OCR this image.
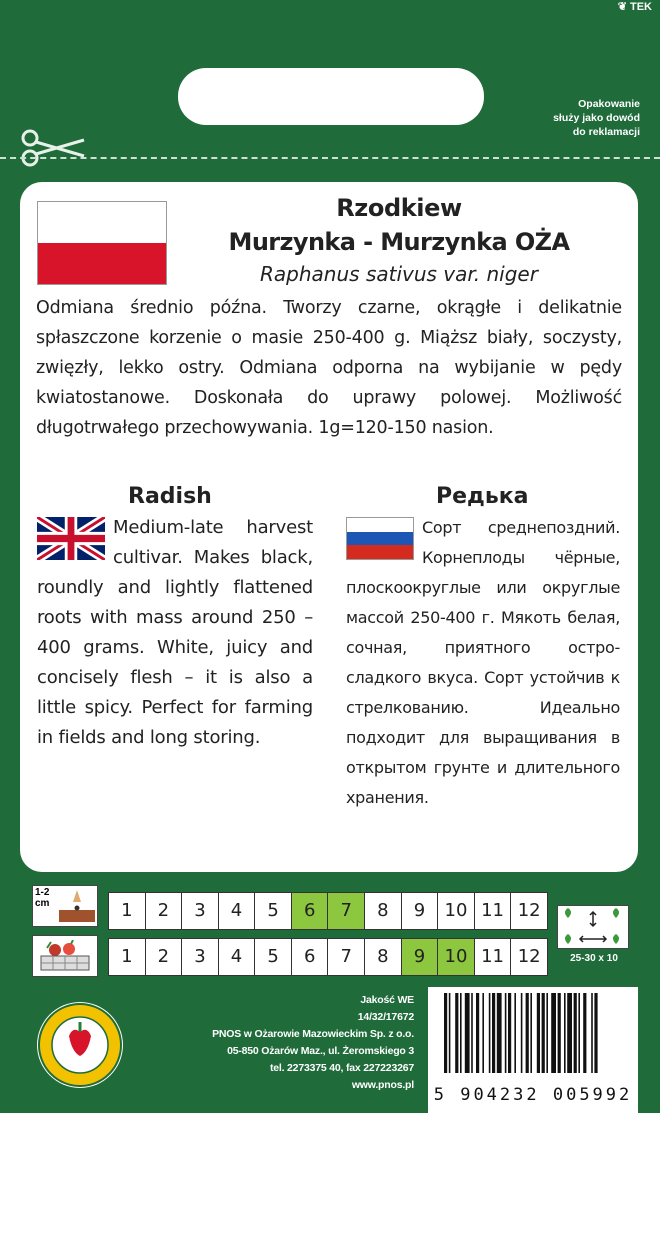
❦ TEK
Opakowanie
służy jako dowód
do reklamacji
Rzodkiew
Murzynka - Murzynka OŻA
Raphanus sativus var. niger
Odmiana średnio późna. Tworzy czarne, okrągłe i delikatnie spłaszczone korzenie o masie 250-400 g. Miąższ biały, soczysty, zwięzły, lekko ostry. Odmiana odporna na wybijanie w pędy kwiatostanowe. Doskonała do uprawy polowej. Możliwość długotrwałego przechowywania. 1g=120-150 nasion.
Radish	Редька
Medium-late harvest cultivar. Makes black, roundly and lightly flattened roots with mass around 250 – 400 grams. White, juicy and concisely flesh – it is also a little spicy. Perfect for farming in fields and long storing.
Сорт среднепоздний. Корнеплоды чёрные, плоскоокруглые или округлые массой 250-400 г. Мякоть белая, сочная, приятного остро-сладкого вкуса. Сорт устойчив к стрелкованию. Идеально подходит для выращивания в открытом грунте и длительного хранения.
1-2 cm	1	2	3	4	5	6	7	8	9	10 11 12
1	2	3	4	5	6	7	8	9	10 11 12	25-30 x 10
Jakość WE
14/32/17672
PNOS w Ożarowie Mazowieckim Sp. z o.o.
05-850 Ożarów Maz., ul. Żeromskiego 3
tel. 2273375 40, fax 227223267
www.pnos.pl	5 904232 005992
